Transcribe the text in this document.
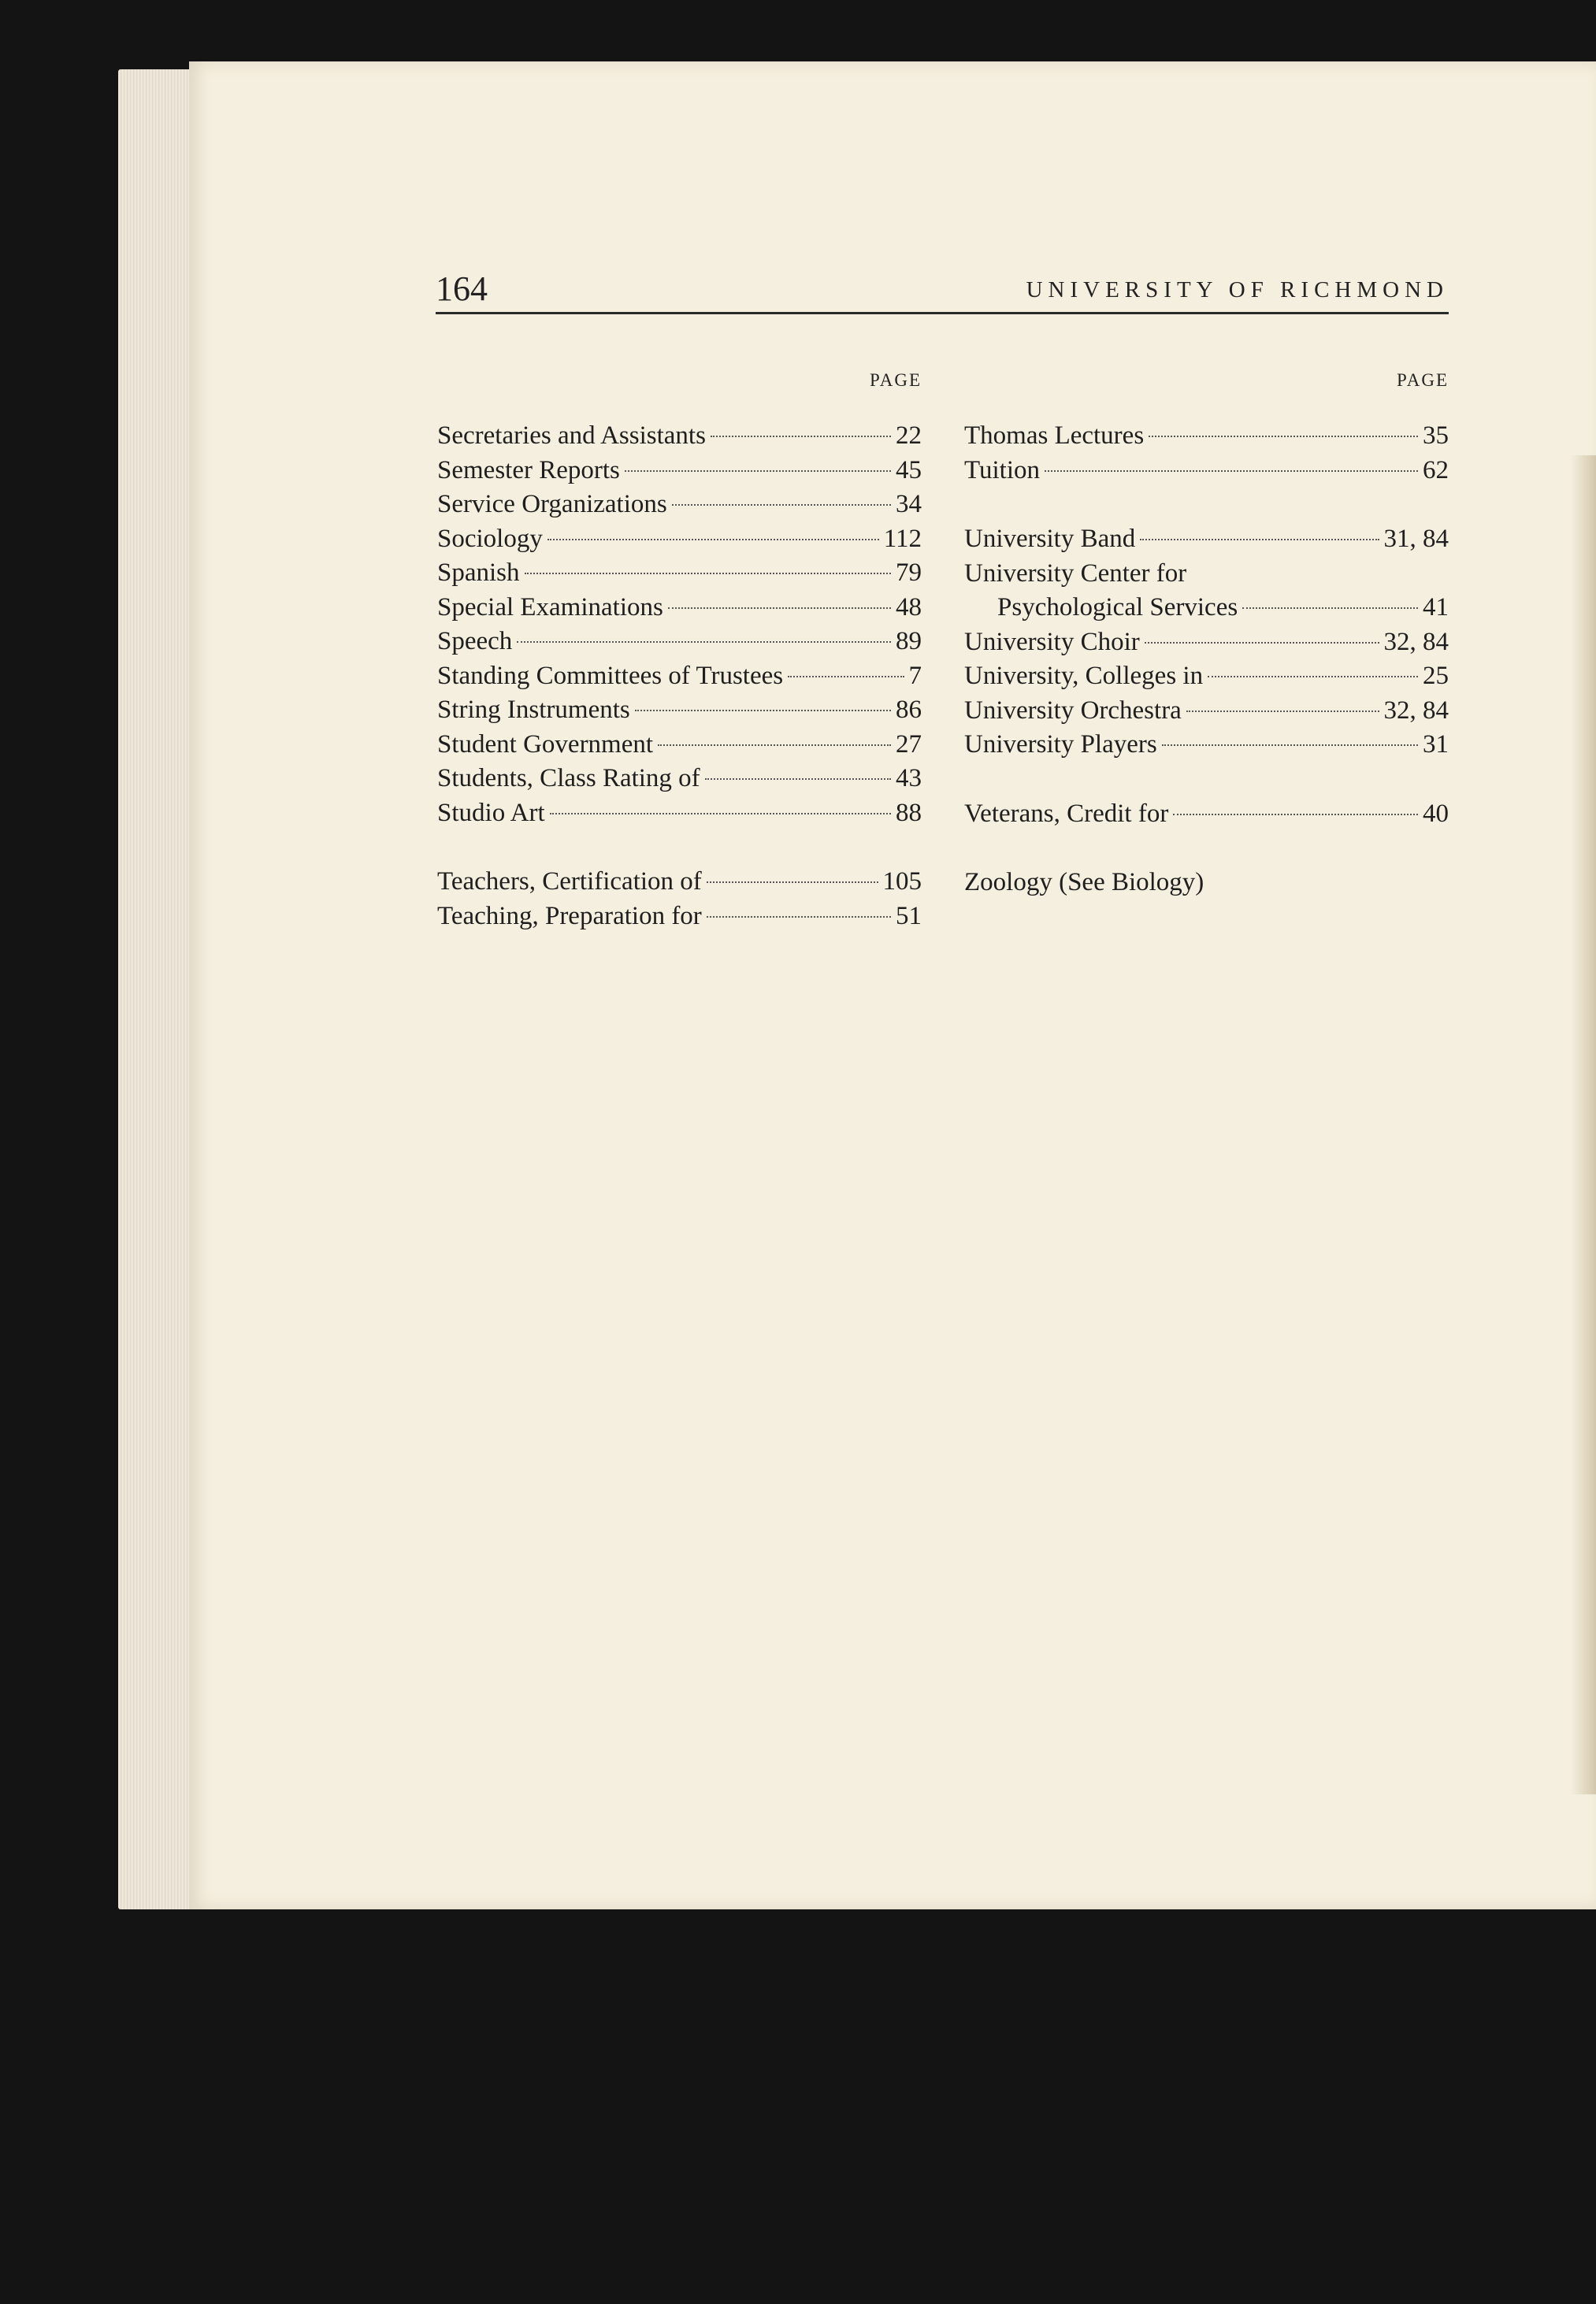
164	UNIVERSITY OF RICHMOND
PAGE
Secretaries and Assistants	22
Semester Reports	45
Service Organizations	34
Sociology	112
Spanish	79
Special Examinations	48
Speech	89
Standing Committees of Trustees	7
String Instruments	86
Student Government	27
Students, Class Rating of	43
Studio Art	88
Teachers, Certification of	105
Teaching, Preparation for	51
PAGE
Thomas Lectures	35
Tuition	62
University Band	31, 84
University Center for
Psychological Services	41
University Choir	32, 84
University, Colleges in	25
University Orchestra	32, 84
University Players	31
Veterans, Credit for	40
Zoology (See Biology)
